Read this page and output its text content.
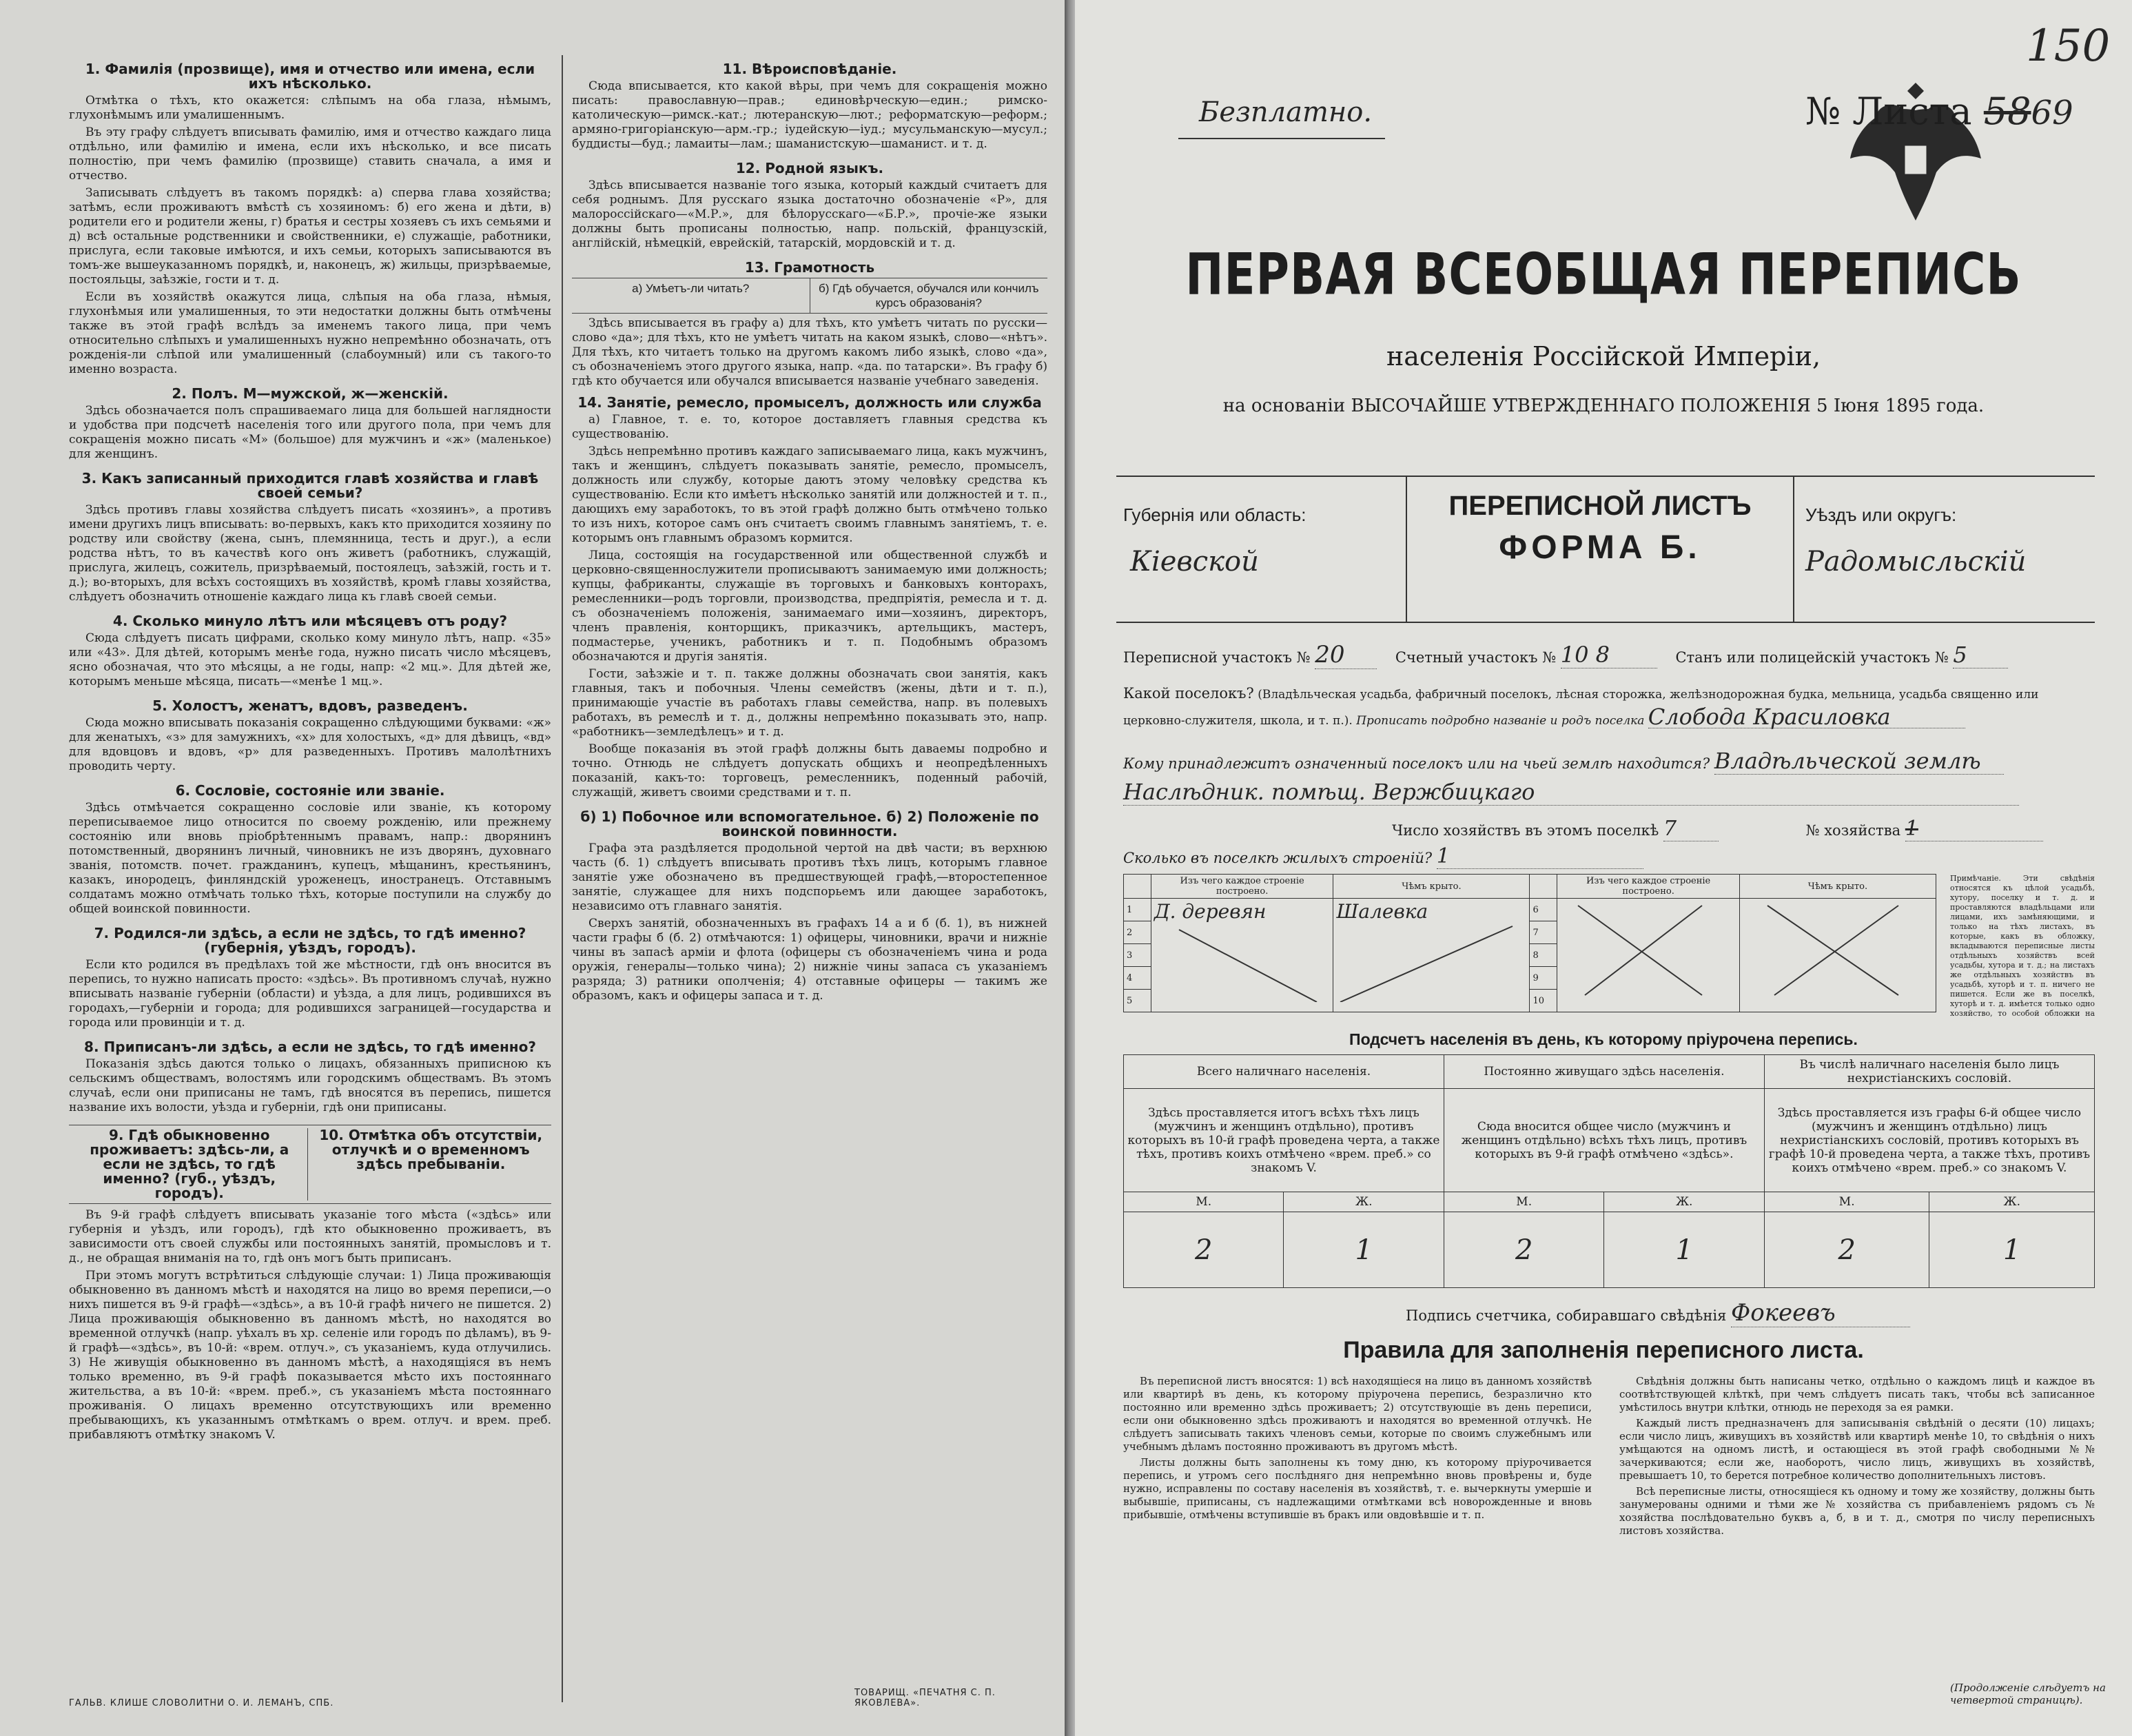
1. Фамилія (прозвище), имя и отчество или имена, если ихъ нѣсколько.

Отмѣтка о тѣхъ, кто окажется: слѣпымъ на оба глаза, нѣмымъ, глухонѣмымъ или умалишеннымъ.

Въ эту графу слѣдуетъ вписывать фамилію, имя и отчество каждаго лица отдѣльно, или фамилію и имена, если ихъ нѣсколько, и все писать полностію, при чемъ фамилію (прозвище) ставить сначала, а имя и отчество.

Записывать слѣдуетъ въ такомъ порядкѣ: а) сперва глава хозяйства; затѣмъ, если проживаютъ вмѣстѣ съ хозяиномъ: б) его жена и дѣти, в) родители его и родители жены, г) братья и сестры хозяевъ съ ихъ семьями и д) всѣ остальные родственники и свойственники, е) служащіе, работники, прислуга, если таковые имѣются, и ихъ семьи, которыхъ записываются въ томъ-же вышеуказанномъ порядкѣ, и, наконецъ, ж) жильцы, призрѣваемые, постояльцы, заѣзжіе, гости и т. д.

Если въ хозяйствѣ окажутся лица, слѣпыя на оба глаза, нѣмыя, глухонѣмыя или умалишенныя, то эти недостатки должны быть отмѣчены также въ этой графѣ вслѣдъ за именемъ такого лица, при чемъ относительно слѣпыхъ и умалишенныхъ нужно непремѣнно обозначать, отъ рожденія-ли слѣпой или умалишенный (слабоумный) или съ такого-то именно возраста.

2. Полъ. М—мужской, ж—женскій.

Здѣсь обозначается полъ спрашиваемаго лица для большей наглядности и удобства при подсчетѣ населенія того или другого пола, при чемъ для сокращенія можно писать «М» (большое) для мужчинъ и «ж» (маленькое) для женщинъ.

3. Какъ записанный приходится главѣ хозяйства и главѣ своей семьи?

Здѣсь противъ главы хозяйства слѣдуетъ писать «хозяинъ», а противъ имени другихъ лицъ вписывать: во-первыхъ, какъ кто приходится хозяину по родству или свойству (жена, сынъ, племянница, тесть и друг.), а если родства нѣтъ, то въ качествѣ кого онъ живетъ (работникъ, служащій, прислуга, жилецъ, сожитель, призрѣваемый, постоялецъ, заѣзжій, гость и т. д.); во-вторыхъ, для всѣхъ состоящихъ въ хозяйствѣ, кромѣ главы хозяйства, слѣдуетъ обозначить отношеніе каждаго лица къ главѣ своей семьи.

4. Сколько минуло лѣтъ или мѣсяцевъ отъ роду?

Сюда слѣдуетъ писать цифрами, сколько кому минуло лѣтъ, напр. «35» или «43». Для дѣтей, которымъ менѣе года, нужно писать число мѣсяцевъ, ясно обозначая, что это мѣсяцы, а не годы, напр: «2 мц.». Для дѣтей же, которымъ меньше мѣсяца, писать—«менѣе 1 мц.».

5. Холостъ, женатъ, вдовъ, разведенъ.

Сюда можно вписывать показанія сокращенно слѣдующими буквами: «ж» для женатыхъ, «з» для замужнихъ, «х» для холостыхъ, «д» для дѣвицъ, «вд» для вдовцовъ и вдовъ, «р» для разведенныхъ. Противъ малолѣтнихъ проводить черту.

6. Сословіе, состояніе или званіе.

Здѣсь отмѣчается сокращенно сословіе или званіе, къ которому переписываемое лицо относится по своему рожденію, или прежнему состоянію или вновь пріобрѣтеннымъ правамъ, напр.: дворянинъ потомственный, дворянинъ личный, чиновникъ не изъ дворянъ, духовнаго званія, потомств. почет. гражданинъ, купецъ, мѣщанинъ, крестьянинъ, казакъ, инородецъ, финляндскій уроженецъ, иностранецъ. Отставнымъ солдатамъ можно отмѣчать только тѣхъ, которые поступили на службу до общей воинской повинности.

7. Родился-ли здѣсь, а если не здѣсь, то гдѣ именно? (губернія, уѣздъ, городъ).

Если кто родился въ предѣлахъ той же мѣстности, гдѣ онъ вносится въ перепись, то нужно написать просто: «здѣсь». Въ противномъ случаѣ, нужно вписывать названіе губерніи (области) и уѣзда, а для лицъ, родившихся въ городахъ,—губерніи и города; для родившихся заграницей—государства и города или провинціи и т. д.

8. Приписанъ-ли здѣсь, а если не здѣсь, то гдѣ именно?

Показанія здѣсь даются только о лицахъ, обязанныхъ приписною къ сельскимъ обществамъ, волостямъ или городскимъ обществамъ. Въ этомъ случаѣ, если они приписаны не тамъ, гдѣ вносятся въ перепись, пишется название ихъ волости, уѣзда и губерніи, гдѣ они приписаны.

9. Гдѣ обыкновенно проживаетъ: здѣсь-ли, а если не здѣсь, то гдѣ именно? (губ., уѣздъ, городъ).
10. Отмѣтка объ отсутствіи, отлучкѣ и о временномъ здѣсь пребываніи.

Въ 9-й графѣ слѣдуетъ вписывать указаніе того мѣста («здѣсь» или губернія и уѣздъ, или городъ), гдѣ кто обыкновенно проживаетъ, въ зависимости отъ своей службы или постоянныхъ занятій, промысловъ и т. д., не обращая вниманія на то, гдѣ онъ могъ быть приписанъ.

При этомъ могутъ встрѣтиться слѣдующіе случаи: 1) Лица проживающія обыкновенно въ данномъ мѣстѣ и находятся на лицо во время переписи,—о нихъ пишется въ 9-й графѣ—«здѣсь», а въ 10-й графѣ ничего не пишется. 2) Лица проживающія обыкновенно въ данномъ мѣстѣ, но находятся во временной отлучкѣ (напр. уѣхалъ въ хр. селеніе или городъ по дѣламъ), въ 9-й графѣ—«здѣсь», въ 10-й: «врем. отлуч.», съ указаніемъ, куда отлучились. 3) Не живущія обыкновенно въ данномъ мѣстѣ, а находящіяся въ немъ только временно, въ 9-й графѣ показывается мѣсто ихъ постояннаго жительства, а въ 10-й: «врем. преб.», съ указаніемъ мѣста постояннаго проживанія. О лицахъ временно отсутствующихъ или временно пребывающихъ, къ указаннымъ отмѣткамъ о врем. отлуч. и врем. преб. прибавляютъ отмѣтку знакомъ V.

11. Вѣроисповѣданіе.

Сюда вписывается, кто какой вѣры, при чемъ для сокращенія можно писать: православную—прав.; единовѣрческую—един.; римско-католическую—римск.-кат.; лютеранскую—лют.; реформатскую—реформ.; армяно-григоріанскую—арм.-гр.; іудейскую—іуд.; мусульманскую—мусул.; буддисты—буд.; ламаиты—лам.; шаманистскую—шаманист. и т. д.

12. Родной языкъ.

Здѣсь вписывается названіе того языка, который каждый считаетъ для себя роднымъ. Для русскаго языка достаточно обозначеніе «Р», для малороссійскаго—«М.Р.», для бѣлорусскаго—«Б.Р.», прочіе-же языки должны быть прописаны полностью, напр. польскій, французскій, англійскій, нѣмецкій, еврейскій, татарскій, мордовскій и т. д.

13. Грамотность
а) Умѣетъ-ли читать?	б) Гдѣ обучается, обучался или кончилъ курсъ образованія?

Здѣсь вписывается въ графу а) для тѣхъ, кто умѣетъ читать по русски—слово «да»; для тѣхъ, кто не умѣетъ читать на каком языкѣ, слово—«нѣтъ». Для тѣхъ, кто читаетъ только на другомъ какомъ либо языкѣ, слово «да», съ обозначеніемъ этого другого языка, напр. «да. по татарски». Въ графу б) гдѣ кто обучается или обучался вписывается названіе учебнаго заведенія.

14. Занятіе, ремесло, промыселъ, должность или служба

а) Главное, т. е. то, которое доставляетъ главныя средства къ существованію.

Здѣсь непремѣнно противъ каждаго записываемаго лица, какъ мужчинъ, такъ и женщинъ, слѣдуетъ показывать занятіе, ремесло, промыселъ, должность или службу, которые даютъ этому человѣку средства къ существованію. Если кто имѣетъ нѣсколько занятій или должностей и т. п., дающихъ ему заработокъ, то въ этой графѣ должно быть отмѣчено только то изъ нихъ, которое самъ онъ считаетъ своимъ главнымъ занятіемъ, т. е. которымъ онъ главнымъ образомъ кормится.

Лица, состоящія на государственной или общественной службѣ и церковно-священнослужители прописываютъ занимаемую ими должность; купцы, фабриканты, служащіе въ торговыхъ и банковыхъ конторахъ, ремесленники—родъ торговли, производства, предпріятія, ремесла и т. д. съ обозначеніемъ положенія, занимаемаго ими—хозяинъ, директоръ, членъ правленія, конторщикъ, приказчикъ, артельщикъ, мастеръ, подмастерье, ученикъ, работникъ и т. п. Подобнымъ образомъ обозначаются и другія занятія.

Гости, заѣзжіе и т. п. также должны обозначать свои занятія, какъ главныя, такъ и побочныя. Члены семействъ (жены, дѣти и т. п.), принимающіе участіе въ работахъ главы семейства, напр. въ полевыхъ работахъ, въ ремеслѣ и т. д., должны непремѣнно показывать это, напр. «работникъ—земледѣлецъ» и т. д.

Вообще показанія въ этой графѣ должны быть даваемы подробно и точно. Отнюдь не слѣдуетъ допускать общихъ и неопредѣленныхъ показаній, какъ-то: торговецъ, ремесленникъ, поденный рабочій, служащій, живетъ своими средствами и т. п.

б) 1) Побочное или вспомогательное. б) 2) Положеніе по воинской повинности.

Графа эта раздѣляется продольной чертой на двѣ части; въ верхнюю часть (б. 1) слѣдуетъ вписывать противъ тѣхъ лицъ, которымъ главное занятіе уже обозначено въ предшествующей графѣ,—второстепенное занятіе, служащее для нихъ подспорьемъ или дающее заработокъ, независимо отъ главнаго занятія.

Сверхъ занятій, обозначенныхъ въ графахъ 14 а и б (б. 1), въ нижней части графы б (б. 2) отмѣчаются: 1) офицеры, чиновники, врачи и нижніе чины въ запасѣ арміи и флота (офицеры съ обозначеніемъ чина и рода оружія, генералы—только чина); 2) нижніе чины запаса съ указаніемъ разряда; 3) ратники ополченія; 4) отставные офицеры — такимъ же образомъ, какъ и офицеры запаса и т. д.

ГАЛЬВ. КЛИШЕ СЛОВОЛИТНИ О. И. ЛЕМАНЪ, СПБ.
ТОВАРИЩ. «ПЕЧАТНЯ С. П. ЯКОВЛЕВА».
Безплатно.	№ Листа 5869
150
ПЕРВАЯ ВСЕОБЩАЯ ПЕРЕПИСЬ
населенія Россійской Имперіи,
на основаніи ВЫСОЧАЙШЕ УТВЕРЖДЕННАГО ПОЛОЖЕНІЯ 5 Іюня 1895 года.
Губернія или область:
Кіевской
ПЕРЕПИСНОЙ ЛИСТЪ
ФОРМА Б.
Уѣздъ или округъ:
Радомысльскій
Переписной участокъ № 20	Счетный участокъ № 10 8	Станъ или полицейскій участокъ № 5
Какой поселокъ? (Владѣльческая усадьба, фабричный поселокъ, лѣсная сторожка, желѣзнодорожная будка, мельница, усадьба священно или церковно-служителя, школа, и т. п.). Прописать подробно названіе и родъ поселка Слобода Красиловка
Кому принадлежитъ означенный поселокъ или на чьей землѣ находится? Владѣльческой землѣ
Наслѣдник. помѣщ. Вержбицкаго
Число хозяйствъ въ этомъ поселкѣ 7	№ хозяйства 1
Сколько въ поселкѣ жилыхъ строеній? 1
	Изъ чего каждое строеніе построено.	Чѣмъ крыто.		Изъ чего каждое строеніе построено.	Чѣмъ крыто.
1	Д. деревян	Шалевка	6	

2			7		
3			8		
4			9		
5			10		
Примѣчаніе. Эти свѣдѣнія относятся къ цѣлой усадьбѣ, хутору, поселку и т. д. и проставляются владѣльцами или лицами, ихъ замѣняющими, и только на тѣхъ листахъ, въ которые, какъ въ обложку, вкладываются переписные листы отдѣльныхъ хозяйствъ всей усадьбы, хутора и т. д.; на листахъ же отдѣльныхъ хозяйствъ въ усадьбѣ, хуторѣ и т. п. ничего не пишется. Если же въ поселкѣ, хуторѣ и т. д. имѣется только одно хозяйство, то особой обложки на
Подсчетъ населенія въ день, къ которому пріурочена перепись.
Всего наличнаго населенія.		Постоянно живущаго здѣсь населенія.		Въ числѣ наличнаго населенія было лицъ нехристіанскихъ сословій.	
Здѣсь проставляется итогъ всѣхъ тѣхъ лицъ (мужчинъ и женщинъ отдѣльно), противъ которыхъ въ 10-й графѣ проведена черта, а также тѣхъ, противъ коихъ отмѣчено «врем. преб.» со знакомъ V.		Сюда вносится общее число (мужчинъ и женщинъ отдѣльно) всѣхъ тѣхъ лицъ, противъ которыхъ въ 9-й графѣ отмѣчено «здѣсь».		Здѣсь проставляется изъ графы 6-й общее число (мужчинъ и женщинъ отдѣльно) лицъ нехристіанскихъ сословій, противъ которыхъ въ графѣ 10-й проведена черта, а также тѣхъ, противъ коихъ отмѣчено «врем. преб.» со знакомъ V.	
М.	Ж.	М.	Ж.	М.	Ж.
2	1	2	1	2	1
Подпись счетчика, собиравшаго свѣдѣнія Фокеевъ
Правила для заполненія переписного листа.

Въ переписной листъ вносятся: 1) всѣ находящіеся на лицо въ данномъ хозяйствѣ или квартирѣ въ день, къ которому пріурочена перепись, безразлично кто постоянно или временно здѣсь проживаетъ; 2) отсутствующіе въ день переписи, если они обыкновенно здѣсь проживаютъ и находятся во временной отлучкѣ. Не слѣдуетъ записывать такихъ членовъ семьи, которые по своимъ служебнымъ или учебнымъ дѣламъ постоянно проживаютъ въ другомъ мѣстѣ.

Листы должны быть заполнены къ тому дню, къ которому пріурочивается перепись, и утромъ сего послѣдняго дня непремѣнно вновь провѣрены и, буде нужно, исправлены по составу населенія въ хозяйствѣ, т. е. вычеркнуты умершіе и выбывшіе, приписаны, съ надлежащими отмѣтками всѣ новорожденные и вновь прибывшіе, отмѣчены вступившіе въ бракъ или овдовѣвшіе и т. п.

Свѣдѣнія должны быть написаны четко, отдѣльно о каждомъ лицѣ и каждое въ соотвѣтствующей клѣткѣ, при чемъ слѣдуетъ писать такъ, чтобы всѣ записанное умѣстилось внутри клѣтки, отнюдь не переходя за ея рамки.

Каждый листъ предназначенъ для записыванія свѣдѣній о десяти (10) лицахъ; если число лицъ, живущихъ въ хозяйствѣ или квартирѣ менѣе 10, то свѣдѣнія о нихъ умѣщаются на одномъ листѣ, и остающіеся въ этой графѣ свободными №№ зачеркиваются; если же, наоборотъ, число лицъ, живущихъ въ хозяйствѣ, превышаетъ 10, то берется потребное количество дополнительныхъ листовъ.

Всѣ переписные листы, относящіеся къ одному и тому же хозяйству, должны быть занумерованы одними и тѣми же № хозяйства съ прибавленіемъ рядомъ съ № хозяйства послѣдовательно буквъ а, б, в и т. д., смотря по числу переписныхъ листовъ хозяйства.

(Продолженіе слѣдуетъ на четвертой страницѣ).
